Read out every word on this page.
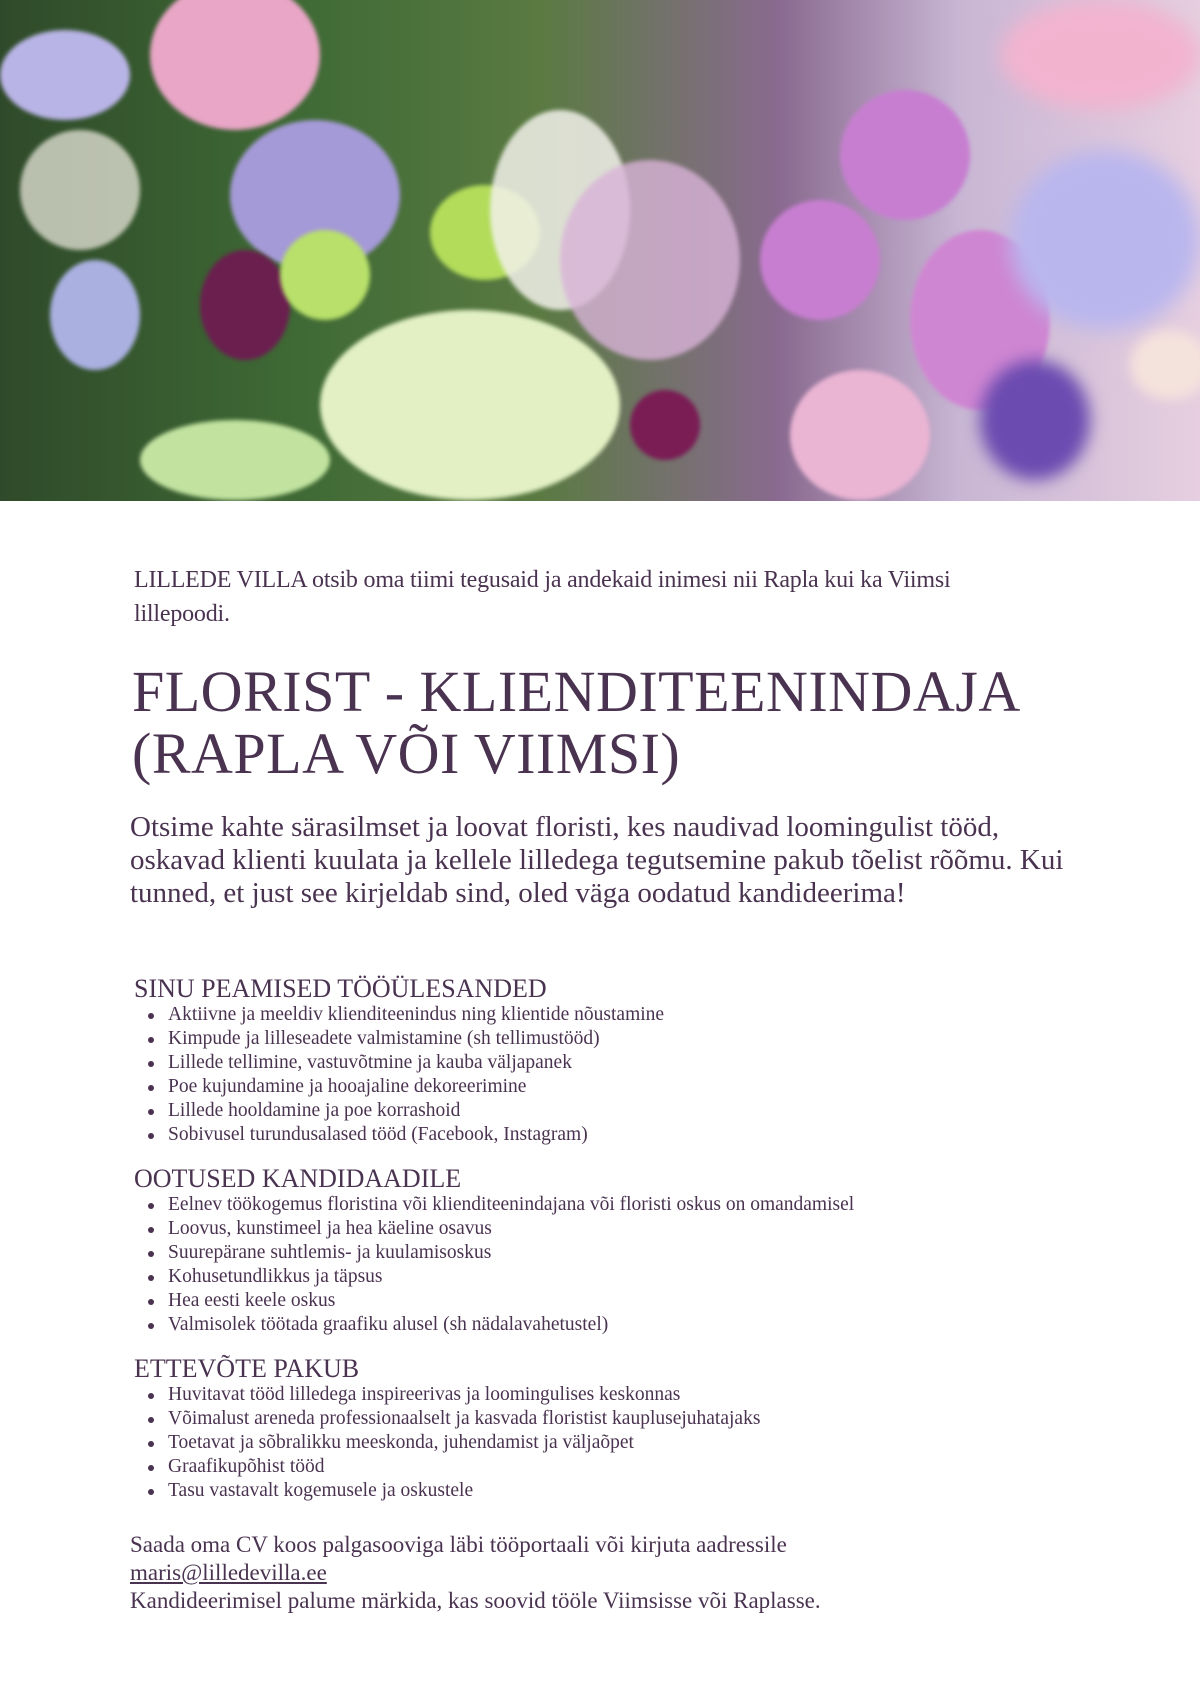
LILLEDE VILLA otsib oma tiimi tegusaid ja andekaid inimesi nii Rapla kui ka Viimsi lillepoodi.
FLORIST - KLIENDITEENINDAJA
(RAPLA VÕI VIIMSI)
Otsime kahte särasilmset ja loovat floristi, kes naudivad loomingulist tööd, oskavad klienti kuulata ja kellele lilledega tegutsemine pakub tõelist rõõmu. Kui tunned, et just see kirjeldab sind, oled väga oodatud kandideerima!
SINU PEAMISED TÖÖÜLESANDED
Aktiivne ja meeldiv klienditeenindus ning klientide nõustamine
Kimpude ja lilleseadete valmistamine (sh tellimustööd)
Lillede tellimine, vastuvõtmine ja kauba väljapanek
Poe kujundamine ja hooajaline dekoreerimine
Lillede hooldamine ja poe korrashoid
Sobivusel turundusalased tööd (Facebook, Instagram)
OOTUSED KANDIDAADILE
Eelnev töökogemus floristina või klienditeenindajana või floristi oskus on omandamisel
Loovus, kunstimeel ja hea käeline osavus
Suurepärane suhtlemis- ja kuulamisoskus
Kohusetundlikkus ja täpsus
Hea eesti keele oskus
Valmisolek töötada graafiku alusel (sh nädalavahetustel)
ETTEVÕTE PAKUB
Huvitavat tööd lilledega inspireerivas ja loomingulises keskonnas
Võimalust areneda professionaalselt ja kasvada floristist kauplusejuhatajaks
Toetavat ja sõbralikku meeskonda, juhendamist ja väljaõpet
Graafikupõhist tööd
Tasu vastavalt kogemusele ja oskustele
Saada oma CV koos palgasooviga läbi tööportaali või kirjuta aadressile
maris@lilledevilla.ee
Kandideerimisel palume märkida, kas soovid tööle Viimsisse või Raplasse.
